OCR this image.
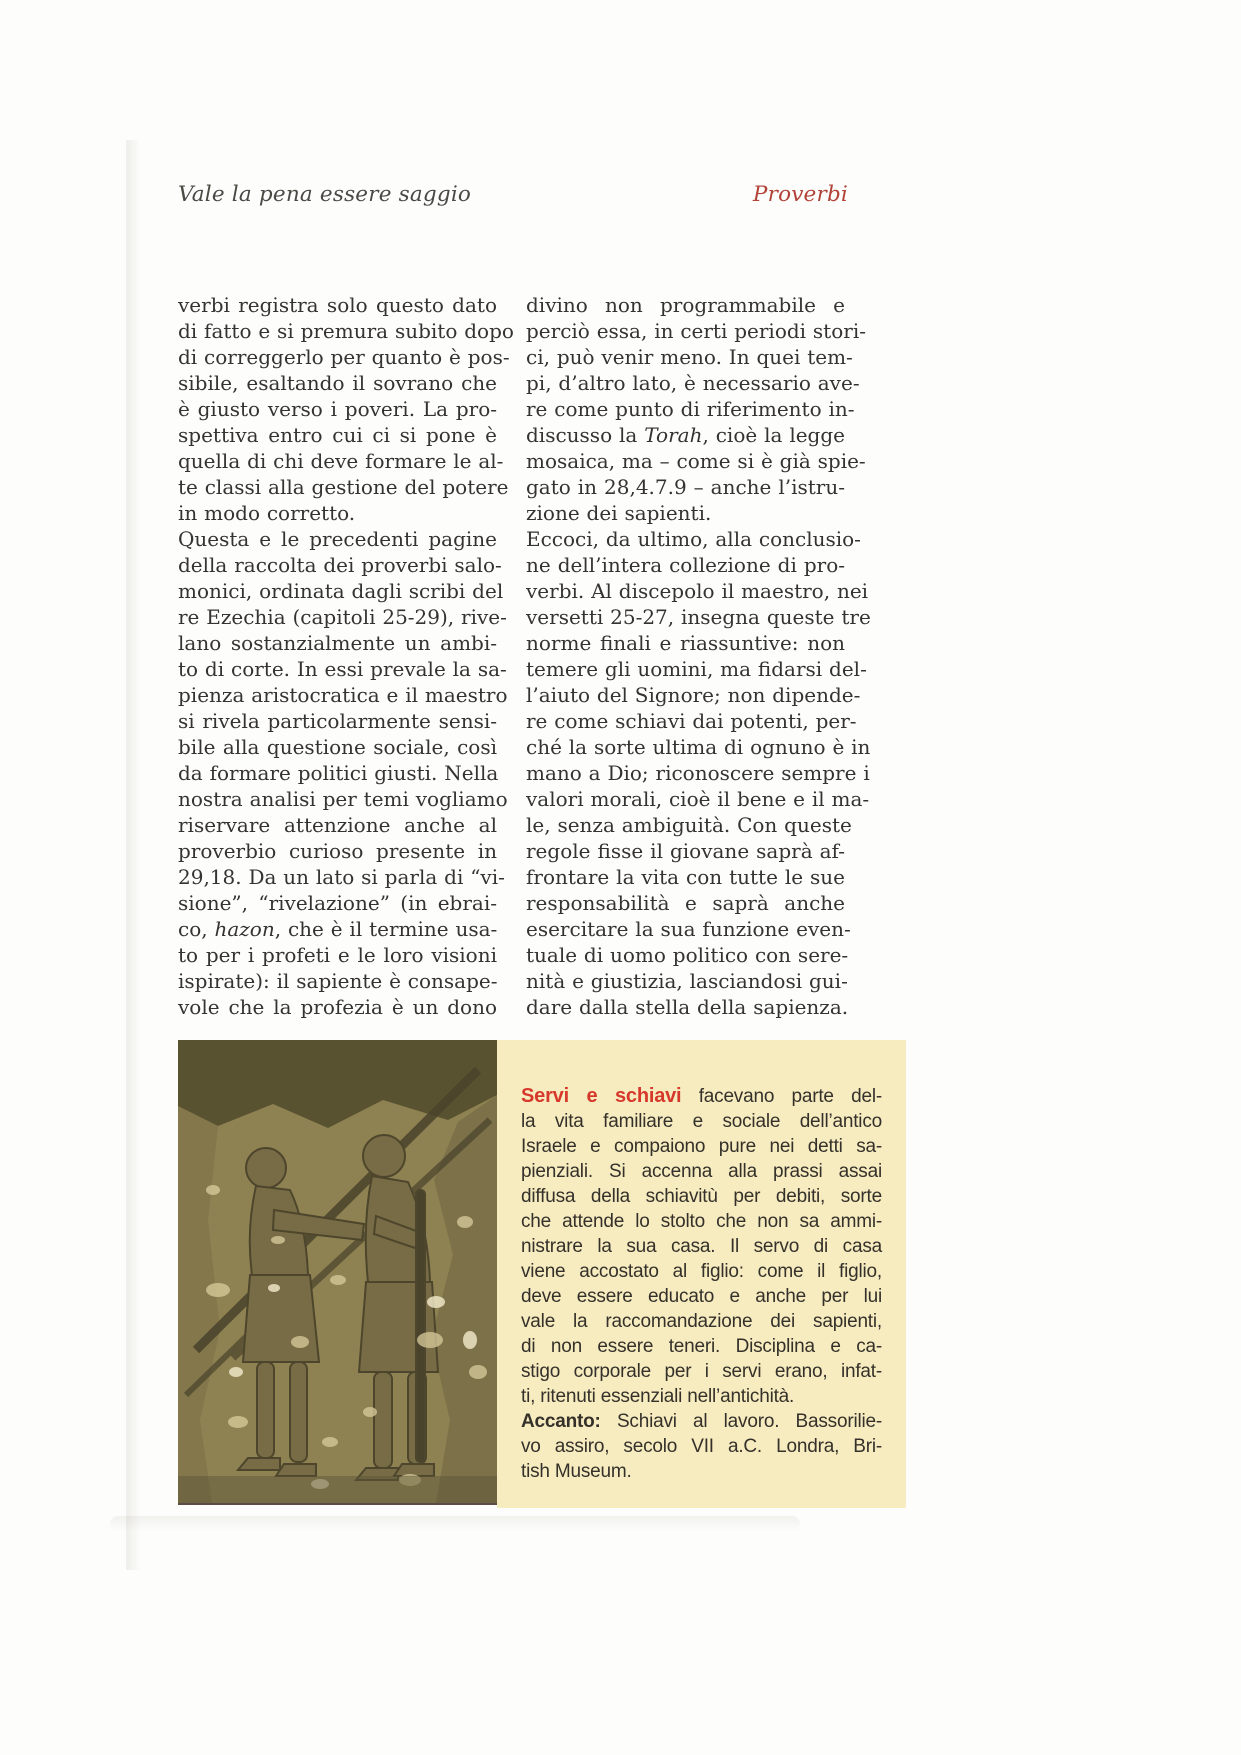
Vale la pena essere saggio	Proverbi
verbi registra solo questo dato
di fatto e si premura subito dopo
di correggerlo per quanto è pos-
sibile, esaltando il sovrano che
è giusto verso i poveri. La pro-
spettiva entro cui ci si pone è
quella di chi deve formare le al-
te classi alla gestione del potere
in modo corretto.
Questa e le precedenti pagine
della raccolta dei proverbi salo-
monici, ordinata dagli scribi del
re Ezechia (capitoli 25-29), rive-
lano sostanzialmente un ambi-
to di corte. In essi prevale la sa-
pienza aristocratica e il maestro
si rivela particolarmente sensi-
bile alla questione sociale, così
da formare politici giusti. Nella
nostra analisi per temi vogliamo
riservare attenzione anche al
proverbio curioso presente in
29,18. Da un lato si parla di “vi-
sione”, “rivelazione” (in ebrai-
co, hazon, che è il termine usa-
to per i profeti e le loro visioni
ispirate): il sapiente è consape-
vole che la profezia è un dono
divino non programmabile e
perciò essa, in certi periodi stori-
ci, può venir meno. In quei tem-
pi, d’altro lato, è necessario ave-
re come punto di riferimento in-
discusso la Torah, cioè la legge
mosaica, ma – come si è già spie-
gato in 28,4.7.9 – anche l’istru-
zione dei sapienti.
Eccoci, da ultimo, alla conclusio-
ne dell’intera collezione di pro-
verbi. Al discepolo il maestro, nei
versetti 25-27, insegna queste tre
norme finali e riassuntive: non
temere gli uomini, ma fidarsi del-
l’aiuto del Signore; non dipende-
re come schiavi dai potenti, per-
ché la sorte ultima di ognuno è in
mano a Dio; riconoscere sempre i
valori morali, cioè il bene e il ma-
le, senza ambiguità. Con queste
regole fisse il giovane saprà af-
frontare la vita con tutte le sue
responsabilità e saprà anche
esercitare la sua funzione even-
tuale di uomo politico con sere-
nità e giustizia, lasciandosi gui-
dare dalla stella della sapienza.
Servi e schiavi facevano parte del-
la vita familiare e sociale dell’antico
Israele e compaiono pure nei detti sa-
pienziali. Si accenna alla prassi assai
diffusa della schiavitù per debiti, sorte
che attende lo stolto che non sa ammi-
nistrare la sua casa. Il servo di casa
viene accostato al figlio: come il figlio,
deve essere educato e anche per lui
vale la raccomandazione dei sapienti,
di non essere teneri. Disciplina e ca-
stigo corporale per i servi erano, infat-
ti, ritenuti essenziali nell’antichità.
Accanto: Schiavi al lavoro. Bassorilie-
vo assiro, secolo VII a.C. Londra, Bri-
tish Museum.
